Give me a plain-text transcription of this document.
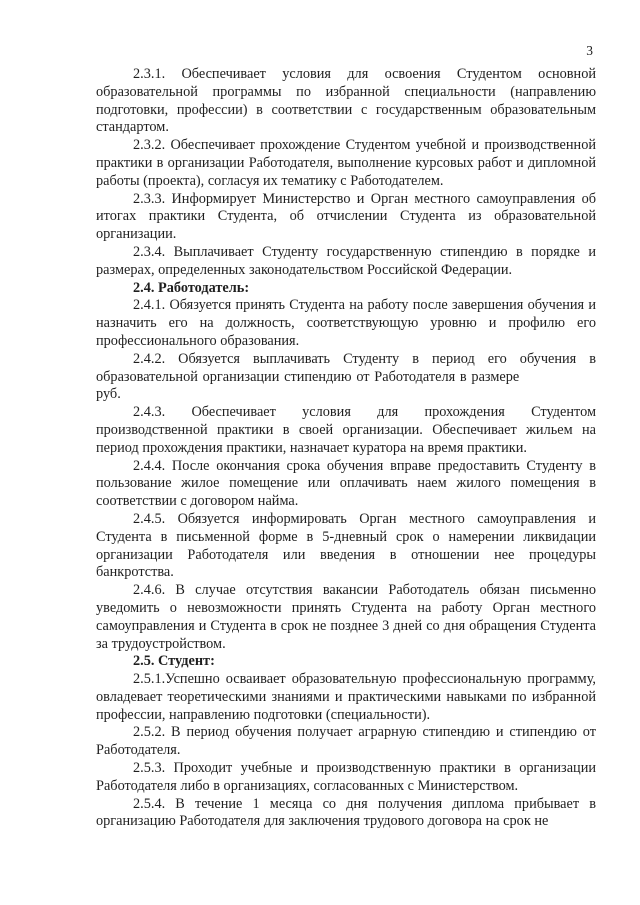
3

2.3.1. Обеспечивает условия для освоения Студентом основной образовательной программы по избранной специальности (направлению подготовки, профессии) в соответствии с государственным образовательным стандартом.

2.3.2. Обеспечивает прохождение Студентом учебной и производственной практики в организации Работодателя, выполнение курсовых работ и дипломной работы (проекта), согласуя их тематику с Работодателем.

2.3.3. Информирует Министерство и Орган местного самоуправления об итогах практики Студента, об отчислении Студента из образовательной организации.

2.3.4. Выплачивает Студенту государственную стипендию в порядке и размерах, определенных законодательством Российской Федерации.

2.4. Работодатель:

2.4.1. Обязуется принять Студента на работу после завершения обучения и назначить его на должность, соответствующую уровню и профилю его профессионального образования.

2.4.2. Обязуется выплачивать Студенту в период его обучения в образовательной организации стипендию от Работодателя в размере руб.

2.4.3. Обеспечивает условия для прохождения Студентом производственной практики в своей организации. Обеспечивает жильем на период прохождения практики, назначает куратора на время практики.

2.4.4. После окончания срока обучения вправе предоставить Студенту в пользование жилое помещение или оплачивать наем жилого помещения в соответствии с договором найма.

2.4.5. Обязуется информировать Орган местного самоуправления и Студента в письменной форме в 5-дневный срок о намерении ликвидации организации Работодателя или введения в отношении нее процедуры банкротства.

2.4.6. В случае отсутствия вакансии Работодатель обязан письменно уведомить о невозможности принять Студента на работу Орган местного самоуправления и Студента в срок не позднее 3 дней со дня обращения Студента за трудоустройством.

2.5. Студент:

2.5.1.Успешно осваивает образовательную профессиональную программу, овладевает теоретическими знаниями и практическими навыками по избранной профессии, направлению подготовки (специальности).

2.5.2. В период обучения получает аграрную стипендию и стипендию от Работодателя.

2.5.3. Проходит учебные и производственную практики в организации Работодателя либо в организациях, согласованных с Министерством.

2.5.4. В течение 1 месяца со дня получения диплома прибывает в организацию Работодателя для заключения трудового договора на срок не
